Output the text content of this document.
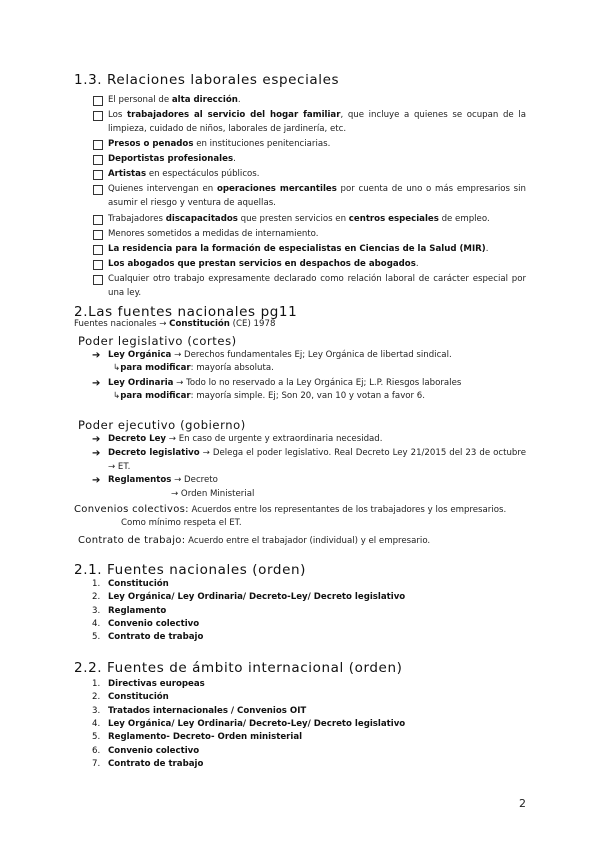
1.3. Relaciones laborales especiales
El personal de alta dirección.
Los trabajadores al servicio del hogar familiar, que incluye a quienes se ocupan de la limpieza, cuidado de niños, laborales de jardinería, etc.
Presos o penados en instituciones penitenciarias.
Deportistas profesionales.
Artistas en espectáculos públicos.
Quienes intervengan en operaciones mercantiles por cuenta de uno o más empresarios sin asumir el riesgo y ventura de aquellas.
Trabajadores discapacitados que presten servicios en centros especiales de empleo.
Menores sometidos a medidas de internamiento.
La residencia para la formación de especialistas en Ciencias de la Salud (MIR).
Los abogados que prestan servicios en despachos de abogados.
Cualquier otro trabajo expresamente declarado como relación laboral de carácter especial por una ley.
2.Las fuentes nacionales pg11
Fuentes nacionales → Constitución (CE) 1978
Poder legislativo (cortes)
➔ Ley Orgánica → Derechos fundamentales Ej; Ley Orgánica de libertad sindical.
↳para modificar: mayoría absoluta.
➔ Ley Ordinaria → Todo lo no reservado a la Ley Orgánica Ej; L.P. Riesgos laborales
↳para modificar: mayoría simple. Ej; Son 20, van 10 y votan a favor 6.
Poder ejecutivo (gobierno)
➔ Decreto Ley → En caso de urgente y extraordinaria necesidad.
➔ Decreto legislativo → Delega el poder legislativo. Real Decreto Ley 21/2015 del 23 de octubre → ET.
➔ Reglamentos → Decreto
→ Orden Ministerial
Convenios colectivos: Acuerdos entre los representantes de los trabajadores y los empresarios.
Como mínimo respeta el ET.
Contrato de trabajo: Acuerdo entre el trabajador (individual) y el empresario.
2.1. Fuentes nacionales (orden)
1. Constitución
2. Ley Orgánica/ Ley Ordinaria/ Decreto-Ley/ Decreto legislativo
3. Reglamento
4. Convenio colectivo
5. Contrato de trabajo
2.2. Fuentes de ámbito internacional (orden)
1. Directivas europeas
2. Constitución
3. Tratados internacionales / Convenios OIT
4. Ley Orgánica/ Ley Ordinaria/ Decreto-Ley/ Decreto legislativo
5. Reglamento- Decreto- Orden ministerial
6. Convenio colectivo
7. Contrato de trabajo
2
